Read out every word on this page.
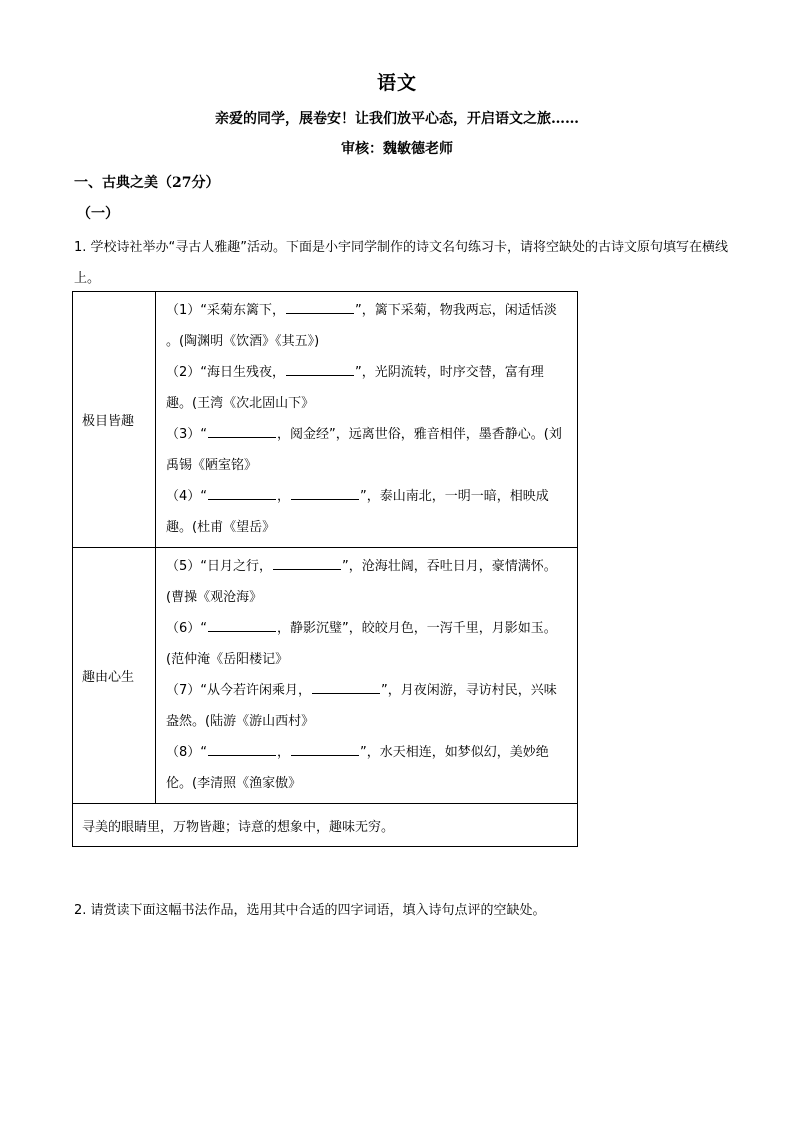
语文
亲爱的同学，展卷安！让我们放平心态，开启语文之旅……
审核：魏敏德老师
一、古典之美（27分）
（一）
1. 学校诗社举办“寻古人雅趣”活动。下面是小宇同学制作的诗文名句练习卡，请将空缺处的古诗文原句填写在横线上。
极目皆趣	（1）“采菊东篱下， ”，篱下采菊，物我两忘，闲适恬淡 。(陶渊明《饮酒》《其五》)
（2）“海日生残夜， ”，光阴流转，时序交替，富有理趣。(王湾《次北固山下》
（3）“ ，阅金经”，远离世俗，雅音相伴，墨香静心。(刘禹锡《陋室铭》
（4）“ ， ”，泰山南北，一明一暗，相映成趣。(杜甫《望岳》

趣由心生	（5）“日月之行， ”，沧海壮阔，吞吐日月，豪情满怀。(曹操《观沧海》
（6）“ ，静影沉璧”，皎皎月色，一泻千里，月影如玉。(范仲淹《岳阳楼记》
（7）“从今若许闲乘月， ”，月夜闲游，寻访村民，兴味盎然。(陆游《游山西村》
（8）“ ， ”，水天相连，如梦似幻，美妙绝伦。(李清照《渔家傲》

寻美的眼睛里，万物皆趣；诗意的想象中，趣味无穷。	
2. 请赏读下面这幅书法作品，选用其中合适的四字词语，填入诗句点评的空缺处。
